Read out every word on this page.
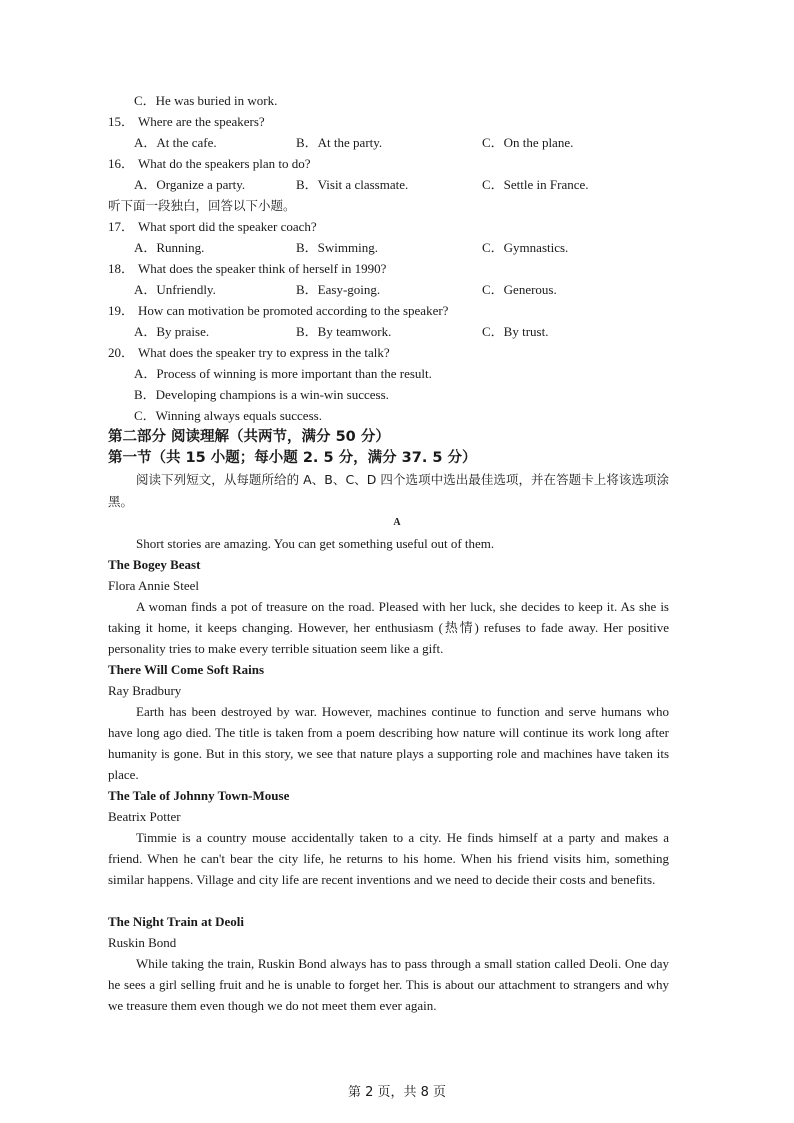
C．He was buried in work.
15． Where are the speakers?
A．At the cafe.	B．At the party.	C．On the plane.
16． What do the speakers plan to do?
A．Organize a party.	B．Visit a classmate.	C．Settle in France.
听下面一段独白，回答以下小题。
17． What sport did the speaker coach?
A．Running.	B．Swimming.	C．Gymnastics.
18． What does the speaker think of herself in 1990?
A．Unfriendly.	B．Easy-going.	C．Generous.
19． How can motivation be promoted according to the speaker?
A．By praise.	B．By teamwork.	C．By trust.
20． What does the speaker try to express in the talk?
A．Process of winning is more important than the result.
B．Developing champions is a win-win success.
C．Winning always equals success.
第二部分 阅读理解（共两节，满分 50 分）
第一节（共 15 小题；每小题 2. 5 分，满分 37. 5 分）

阅读下列短文，从每题所给的 A、B、C、D 四个选项中选出最佳选项，并在答题卡上将该选项涂黑。

A
Short stories are amazing. You can get something useful out of them.
The Bogey Beast
Flora Annie Steel

A woman finds a pot of treasure on the road. Pleased with her luck, she decides to keep it. As she is taking it home, it keeps changing. However, her enthusiasm (热情) refuses to fade away. Her positive personality tries to make every terrible situation seem like a gift.

There Will Come Soft Rains
Ray Bradbury

Earth has been destroyed by war. However, machines continue to function and serve humans who have long ago died. The title is taken from a poem describing how nature will continue its work long after humanity is gone. But in this story, we see that nature plays a supporting role and machines have taken its place.

The Tale of Johnny Town-Mouse
Beatrix Potter

Timmie is a country mouse accidentally taken to a city. He finds himself at a party and makes a friend. When he can't bear the city life, he returns to his home. When his friend visits him, something similar happens. Village and city life are recent inventions and we need to decide their costs and benefits.

The Night Train at Deoli
Ruskin Bond

While taking the train, Ruskin Bond always has to pass through a small station called Deoli. One day he sees a girl selling fruit and he is unable to forget her. This is about our attachment to strangers and why we treasure them even though we do not meet them ever again.

第 2 页，共 8 页
